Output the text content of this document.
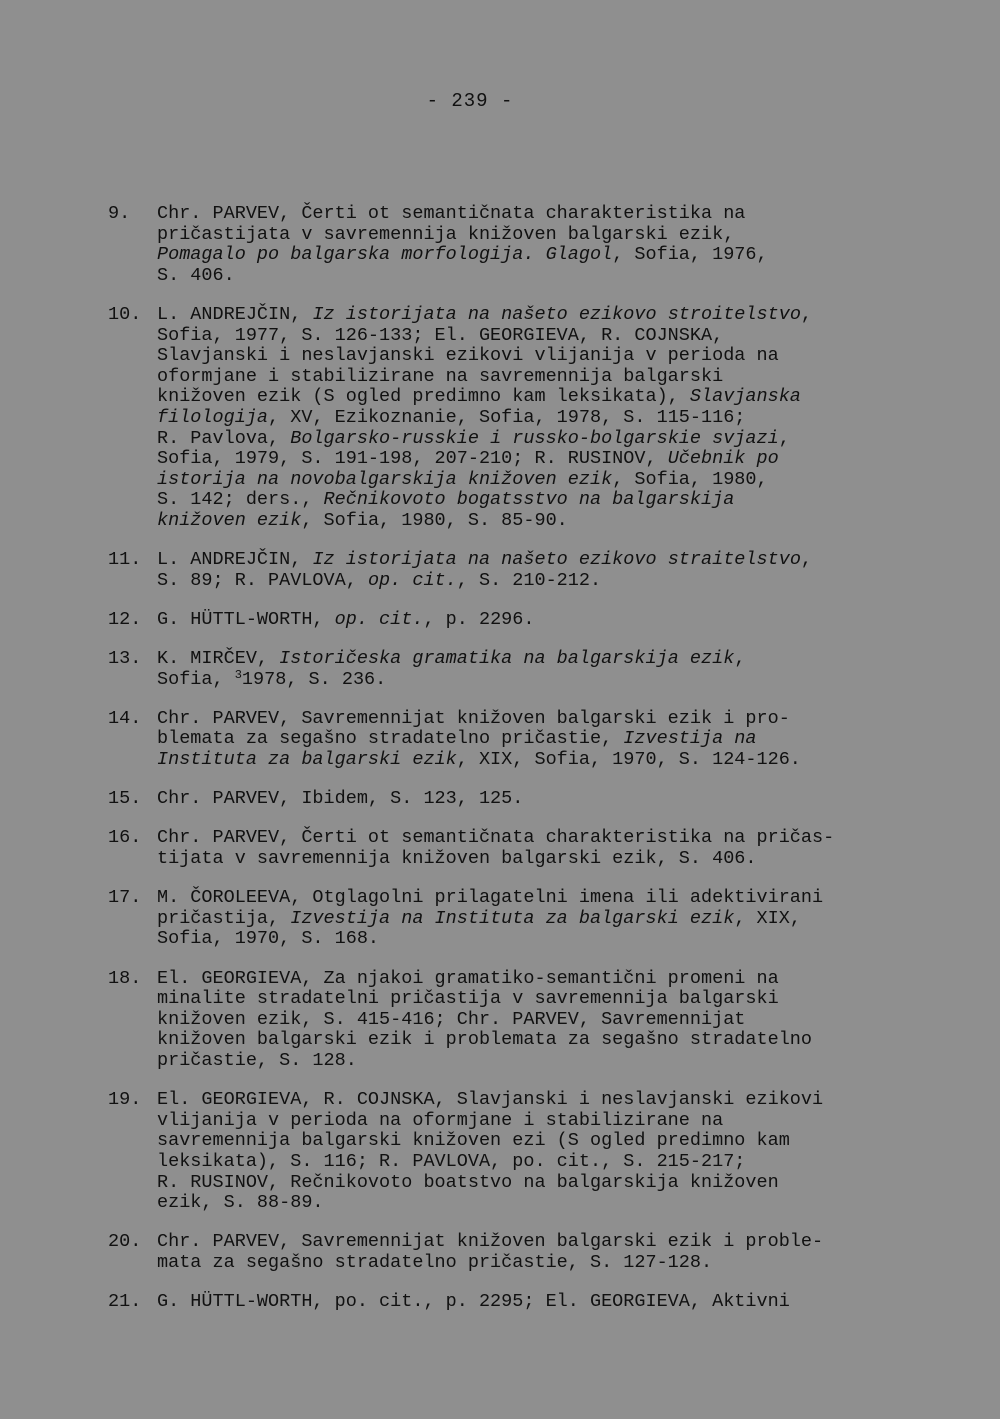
- 239 -
9.	Chr. PARVEV, Čerti ot semantičnata charakteristika na
pričastijata v savremennija knižoven balgarski ezik,
Pomagalo po balgarska morfologija. Glagol, Sofia, 1976,
S. 406.
10. L. ANDREJČIN, Iz istorijata na našeto ezikovo stroitelstvo,
Sofia, 1977, S. 126-133; El. GEORGIEVA, R. COJNSKA,
Slavjanski i neslavjanski ezikovi vlijanija v perioda na
oformjane i stabilizirane na savremennija balgarski
knižoven ezik (S ogled predimno kam leksikata), Slavjanska
filologija, XV, Ezikoznanie, Sofia, 1978, S. 115-116;
R. Pavlova, Bolgarsko-russkie i russko-bolgarskie svjazi,
Sofia, 1979, S. 191-198, 207-210; R. RUSINOV, Učebnik po
istorija na novobalgarskija knižoven ezik, Sofia, 1980,
S. 142; ders., Rečnikovoto bogatsstvo na balgarskija
knižoven ezik, Sofia, 1980, S. 85-90.
11. L. ANDREJČIN, Iz istorijata na našeto ezikovo straitelstvo,
S. 89; R. PAVLOVA, op. cit., S. 210-212.
12. G. HÜTTL-WORTH, op. cit., p. 2296.
13. K. MIRČEV, Istoričeska gramatika na balgarskija ezik,
Sofia, $^3$1978, S. 236.
14. Chr. PARVEV, Savremennijat knižoven balgarski ezik i pro-
blemata za segašno stradatelno pričastie, Izvestija na
Instituta za balgarski ezik, XIX, Sofia, 1970, S. 124-126.
15. Chr. PARVEV, Ibidem, S. 123, 125.
16. Chr. PARVEV, Čerti ot semantičnata charakteristika na pričas-
tijata v savremennija knižoven balgarski ezik, S. 406.
17. M. ČOROLEEVA, Otglagolni prilagatelni imena ili adektivirani
pričastija, Izvestija na Instituta za balgarski ezik, XIX,
Sofia, 1970, S. 168.
18. El. GEORGIEVA, Za njakoi gramatiko-semantični promeni na
minalite stradatelni pričastija v savremennija balgarski
knižoven ezik, S. 415-416; Chr. PARVEV, Savremennijat
knižoven balgarski ezik i problemata za segašno stradatelno
pričastie, S. 128.
19. El. GEORGIEVA, R. COJNSKA, Slavjanski i neslavjanski ezikovi
vlijanija v perioda na oformjane i stabilizirane na
savremennija balgarski knižoven ezi (S ogled predimno kam
leksikata), S. 116; R. PAVLOVA, po. cit., S. 215-217;
R. RUSINOV, Rečnikovoto boatstvo na balgarskija knižoven
ezik, S. 88-89.
20. Chr. PARVEV, Savremennijat knižoven balgarski ezik i proble-
mata za segašno stradatelno pričastie, S. 127-128.
21. G. HÜTTL-WORTH, po. cit., p. 2295; El. GEORGIEVA, Aktivni
